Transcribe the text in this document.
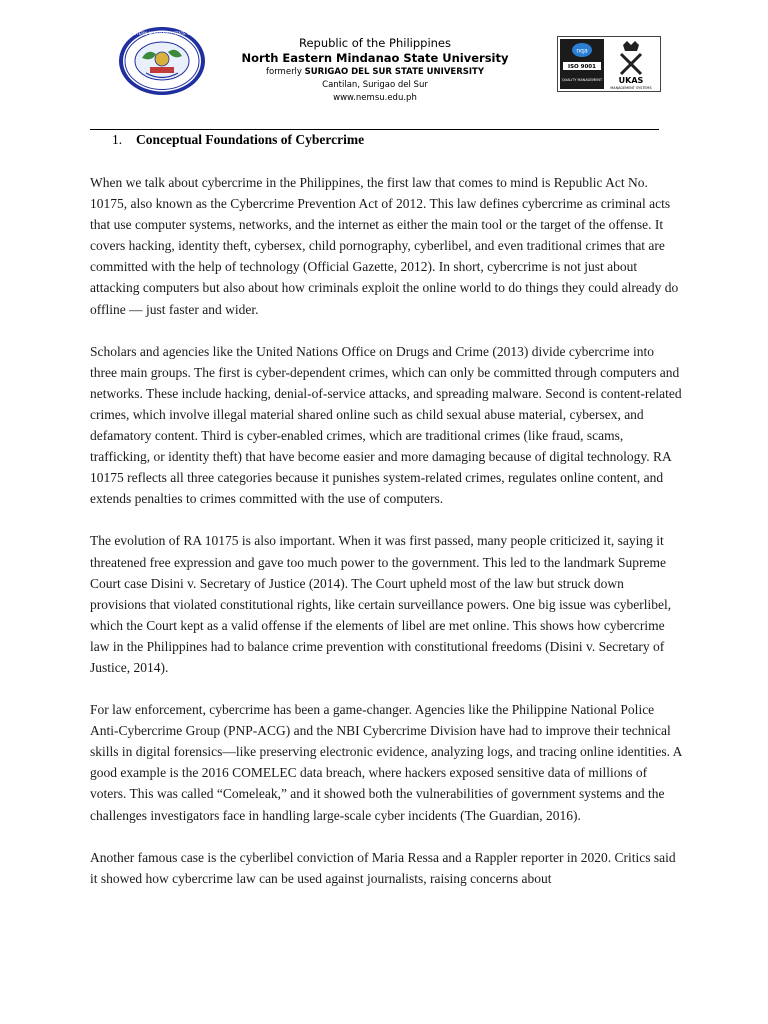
NORTH EASTERN MINDANAO STATE UNIVERSITY
Republic of the Philippines
North Eastern Mindanao State University
formerly SURIGAO DEL SUR STATE UNIVERSITY
Cantilan, Surigao del Sur
www.nemsu.edu.ph
nqa
ISO 9001
QUALITY MANAGEMENT UKAS
MANAGEMENT SYSTEMS
1. Conceptual Foundations of Cybercrime

When we talk about cybercrime in the Philippines, the first law that comes to mind is Republic Act No. 10175, also known as the Cybercrime Prevention Act of 2012. This law defines cybercrime as criminal acts that use computer systems, networks, and the internet as either the main tool or the target of the offense. It covers hacking, identity theft, cybersex, child pornography, cyberlibel, and even traditional crimes that are committed with the help of technology (Official Gazette, 2012). In short, cybercrime is not just about attacking computers but also about how criminals exploit the online world to do things they could already do offline — just faster and wider.

Scholars and agencies like the United Nations Office on Drugs and Crime (2013) divide cybercrime into three main groups. The first is cyber-dependent crimes, which can only be committed through computers and networks. These include hacking, denial-of-service attacks, and spreading malware. Second is content-related crimes, which involve illegal material shared online such as child sexual abuse material, cybersex, and defamatory content. Third is cyber-enabled crimes, which are traditional crimes (like fraud, scams, trafficking, or identity theft) that have become easier and more damaging because of digital technology. RA 10175 reflects all three categories because it punishes system-related crimes, regulates online content, and extends penalties to crimes committed with the use of computers.

The evolution of RA 10175 is also important. When it was first passed, many people criticized it, saying it threatened free expression and gave too much power to the government. This led to the landmark Supreme Court case Disini v. Secretary of Justice (2014). The Court upheld most of the law but struck down provisions that violated constitutional rights, like certain surveillance powers. One big issue was cyberlibel, which the Court kept as a valid offense if the elements of libel are met online. This shows how cybercrime law in the Philippines had to balance crime prevention with constitutional freedoms (Disini v. Secretary of Justice, 2014).

For law enforcement, cybercrime has been a game-changer. Agencies like the Philippine National Police Anti-Cybercrime Group (PNP-ACG) and the NBI Cybercrime Division have had to improve their technical skills in digital forensics—like preserving electronic evidence, analyzing logs, and tracing online identities. A good example is the 2016 COMELEC data breach, where hackers exposed sensitive data of millions of voters. This was called “Comeleak,” and it showed both the vulnerabilities of government systems and the challenges investigators face in handling large-scale cyber incidents (The Guardian, 2016).

Another famous case is the cyberlibel conviction of Maria Ressa and a Rappler reporter in 2020. Critics said it showed how cybercrime law can be used against journalists, raising concerns about
